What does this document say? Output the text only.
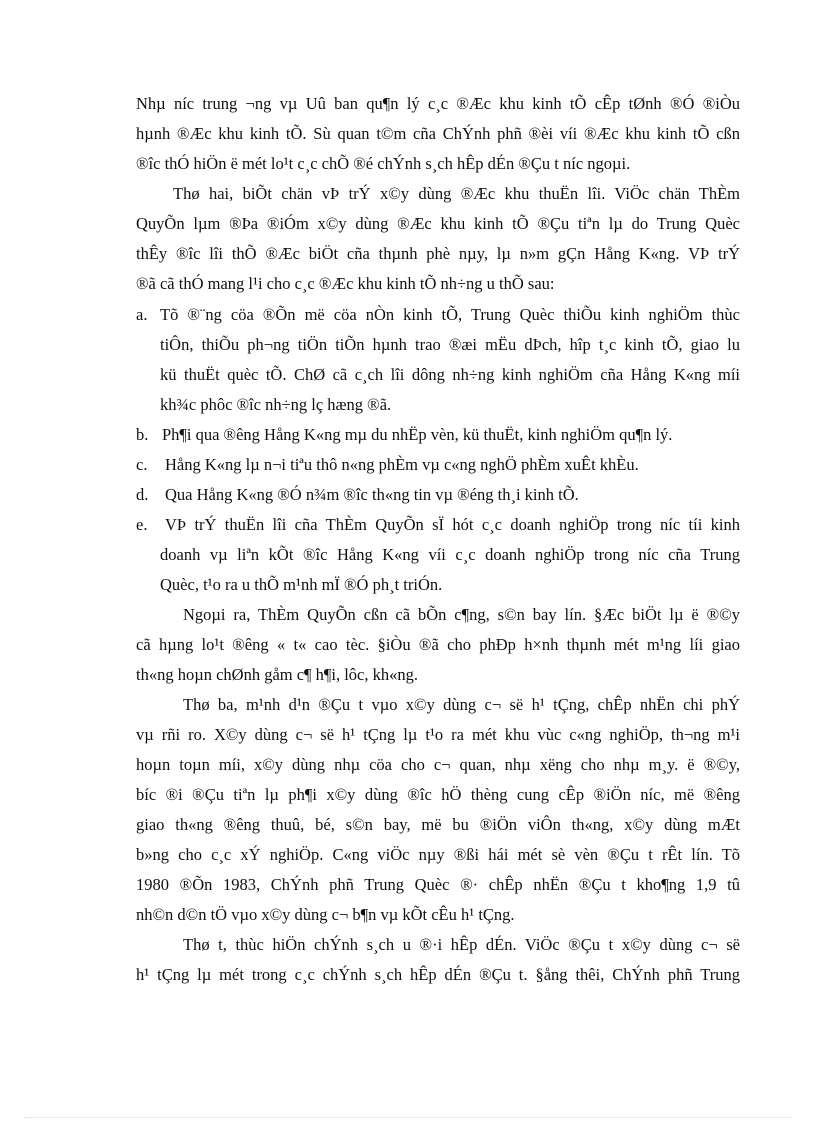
Nhµ níc trung ¬ng vµ Uû ban qu¶n lý c¸c ®Æc khu kinh tÕ cÊp tØnh ®Ó ®iÒu
hµnh ®Æc khu kinh tÕ. Sù quan t©m cña ChÝnh phñ ®èi víi ®Æc khu kinh tÕ cßn
®îc thÓ hiÖn ë mét lo¹t c¸c chÕ ®é chÝnh s¸ch hÊp dÉn ®Çu t níc ngoµi.
Thø hai, biÕt chän vÞ trÝ x©y dùng ®Æc khu thuËn lîi. ViÖc chän ThÈm
QuyÕn lµm ®Þa ®iÓm x©y dùng ®Æc khu kinh tÕ ®Çu tiªn lµ do Trung Quèc
thÊy ®îc lîi thÕ ®Æc biÖt cña thµnh phè nµy, lµ n»m gÇn Hång K«ng. VÞ trÝ
®ã cã thÓ mang l¹i cho c¸c ®Æc khu kinh tÕ nh÷ng u thÕ sau:
a. Tõ ®¨ng cöa ®Õn më cöa nÒn kinh tÕ, Trung Quèc thiÕu kinh nghiÖm thùc
tiÔn, thiÕu ph¬ng tiÖn tiÕn hµnh trao ®æi mËu dÞch, hîp t¸c kinh tÕ, giao lu
kü thuËt quèc tÕ. ChØ cã c¸ch lîi dông nh÷ng kinh nghiÖm cña Hång K«ng míi
kh¾c phôc ®îc nh÷ng lç hæng ®ã.
b. Ph¶i qua ®êng Hång K«ng mµ du nhËp vèn, kü thuËt, kinh nghiÖm qu¶n lý.
c. Hång K«ng lµ n¬i tiªu thô n«ng phÈm vµ c«ng nghÖ phÈm xuÊt khÈu.
d. Qua Hång K«ng ®Ó n¾m ®îc th«ng tin vµ ®éng th¸i kinh tÕ.
e. VÞ trÝ thuËn lîi cña ThÈm QuyÕn sÏ hót c¸c doanh nghiÖp trong níc tíi kinh
doanh vµ liªn kÕt ®îc Hång K«ng víi c¸c doanh nghiÖp trong níc cña Trung
Quèc, t¹o ra u thÕ m¹nh mÏ ®Ó ph¸t triÓn.
Ngoµi ra, ThÈm QuyÕn cßn cã bÕn c¶ng, s©n bay lín. §Æc biÖt lµ ë ®©y
cã hµng lo¹t ®êng « t« cao tèc. §iÒu ®ã cho phÐp h×nh thµnh mét m¹ng líi giao
th«ng hoµn chØnh gåm c¶ h¶i, lôc, kh«ng.
Thø ba, m¹nh d¹n ®Çu t vµo x©y dùng c¬ së h¹ tÇng, chÊp nhËn chi phÝ
vµ rñi ro. X©y dùng c¬ së h¹ tÇng lµ t¹o ra mét khu vùc c«ng nghiÖp, th¬ng m¹i
hoµn toµn míi, x©y dùng nhµ cöa cho c¬ quan, nhµ xëng cho nhµ m¸y. ë ®©y,
bíc ®i ®Çu tiªn lµ ph¶i x©y dùng ®îc hÖ thèng cung cÊp ®iÖn níc, më ®êng
giao th«ng ®êng thuû, bé, s©n bay, më bu ®iÖn viÔn th«ng, x©y dùng mÆt
b»ng cho c¸c xÝ nghiÖp. C«ng viÖc nµy ®ßi hái mét sè vèn ®Çu t rÊt lín. Tõ
1980 ®Õn 1983, ChÝnh phñ Trung Quèc ®· chÊp nhËn ®Çu t kho¶ng 1,9 tû
nh©n d©n tÖ vµo x©y dùng c¬ b¶n vµ kÕt cÊu h¹ tÇng.
Thø t, thùc hiÖn chÝnh s¸ch u ®·i hÊp dÉn. ViÖc ®Çu t x©y dùng c¬ së
h¹ tÇng lµ mét trong c¸c chÝnh s¸ch hÊp dÉn ®Çu t. §ång thêi, ChÝnh phñ Trung
